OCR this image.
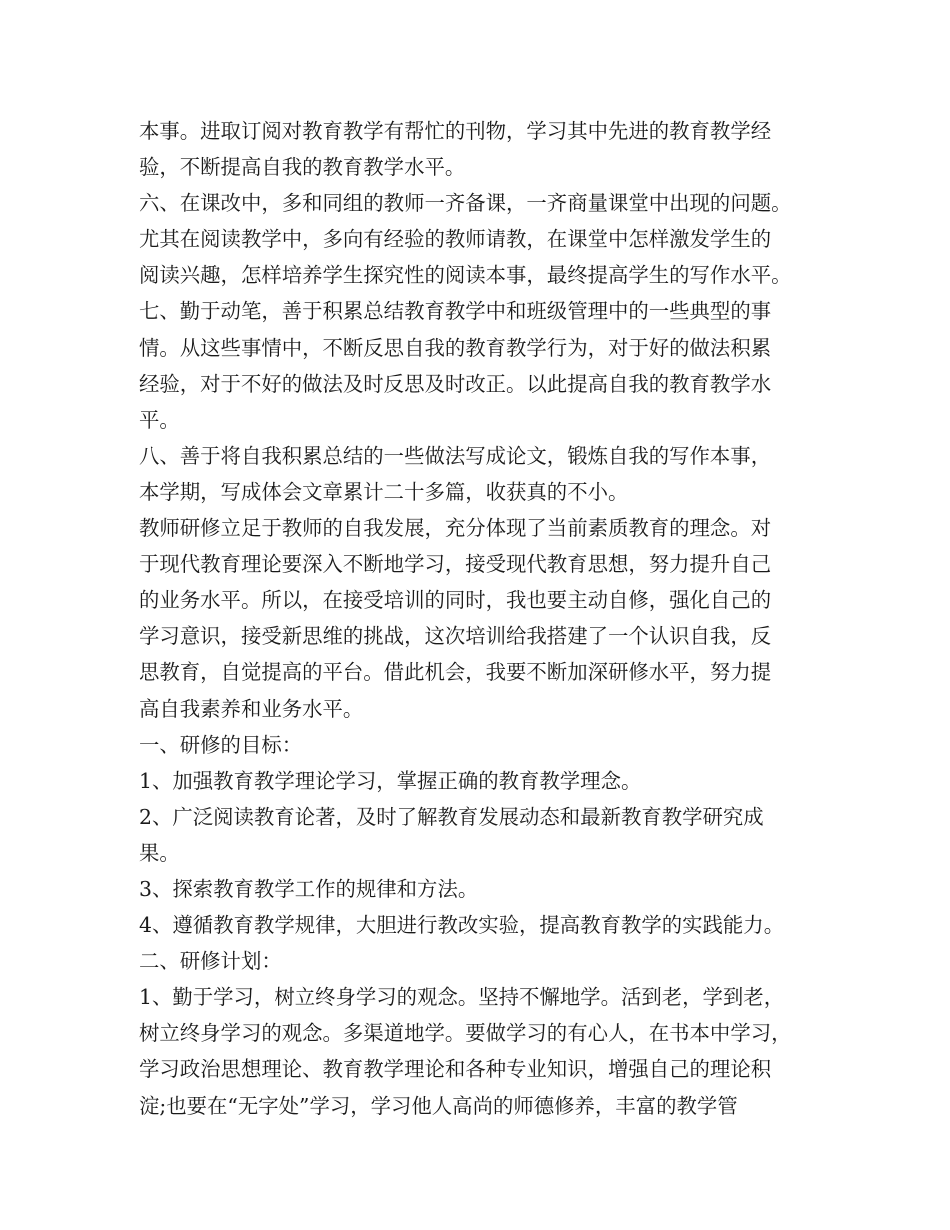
本事。进取订阅对教育教学有帮忙的刊物，学习其中先进的教育教学经
验，不断提高自我的教育教学水平。
六、在课改中，多和同组的教师一齐备课，一齐商量课堂中出现的问题。
尤其在阅读教学中，多向有经验的教师请教，在课堂中怎样激发学生的
阅读兴趣，怎样培养学生探究性的阅读本事，最终提高学生的写作水平。
七、勤于动笔，善于积累总结教育教学中和班级管理中的一些典型的事
情。从这些事情中，不断反思自我的教育教学行为，对于好的做法积累
经验，对于不好的做法及时反思及时改正。以此提高自我的教育教学水
平。
八、善于将自我积累总结的一些做法写成论文，锻炼自我的写作本事，
本学期，写成体会文章累计二十多篇，收获真的不小。
教师研修立足于教师的自我发展，充分体现了当前素质教育的理念。对
于现代教育理论要深入不断地学习，接受现代教育思想，努力提升自己
的业务水平。所以，在接受培训的同时，我也要主动自修，强化自己的
学习意识，接受新思维的挑战，这次培训给我搭建了一个认识自我，反
思教育，自觉提高的平台。借此机会，我要不断加深研修水平，努力提
高自我素养和业务水平。
一、研修的目标：
1、加强教育教学理论学习，掌握正确的教育教学理念。
2、广泛阅读教育论著，及时了解教育发展动态和最新教育教学研究成
果。
3、探索教育教学工作的规律和方法。
4、遵循教育教学规律，大胆进行教改实验，提高教育教学的实践能力。
二、研修计划：
1、勤于学习，树立终身学习的观念。坚持不懈地学。活到老，学到老，
树立终身学习的观念。多渠道地学。要做学习的有心人，在书本中学习，
学习政治思想理论、教育教学理论和各种专业知识，增强自己的理论积
淀;也要在“无字处”学习，学习他人高尚的师德修养，丰富的教学管
